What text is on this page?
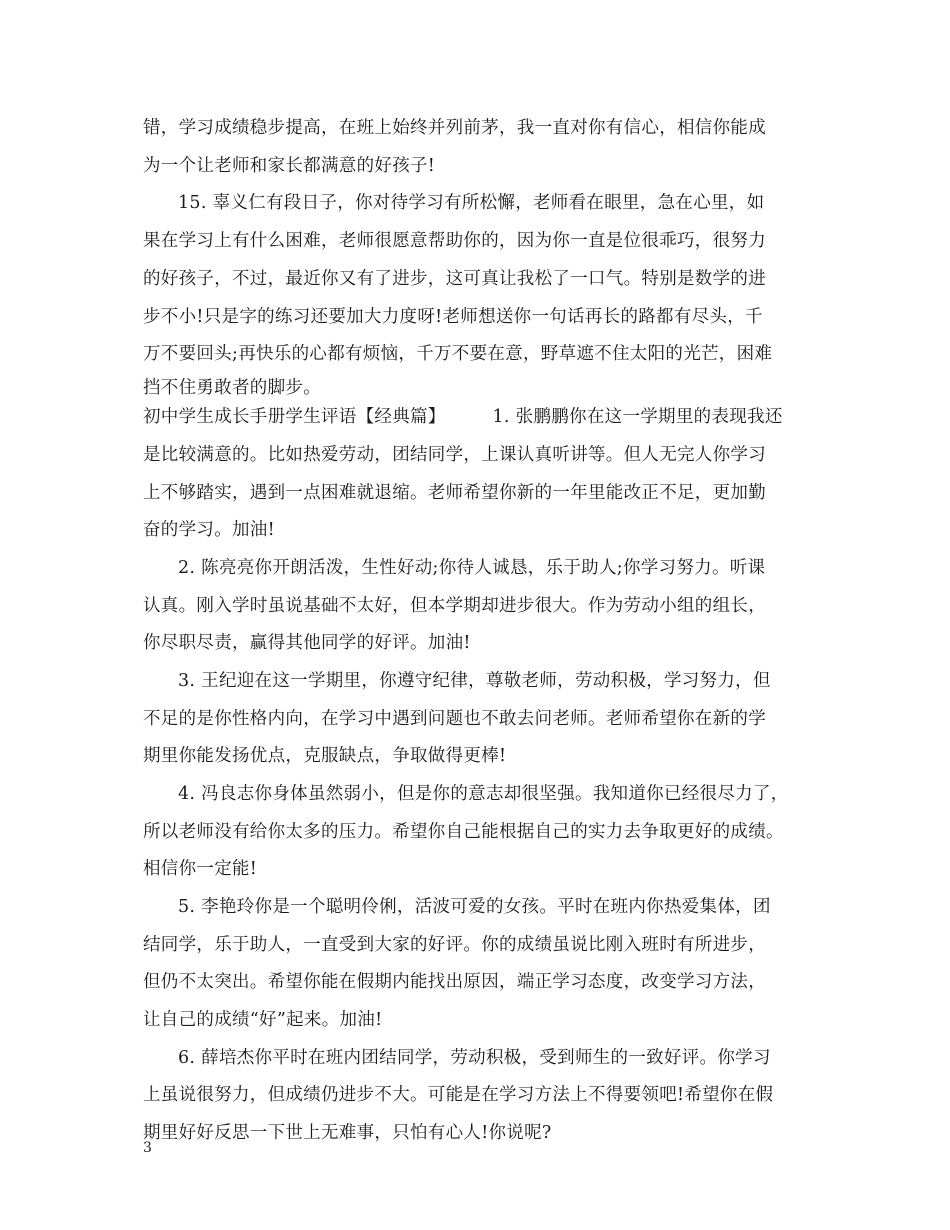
错，学习成绩稳步提高，在班上始终并列前茅，我一直对你有信心，相信你能成
为一个让老师和家长都满意的好孩子!
15. 辜义仁有段日子，你对待学习有所松懈，老师看在眼里，急在心里，如
果在学习上有什么困难，老师很愿意帮助你的，因为你一直是位很乖巧，很努力
的好孩子，不过，最近你又有了进步，这可真让我松了一口气。特别是数学的进
步不小!只是字的练习还要加大力度呀!老师想送你一句话再长的路都有尽头，千
万不要回头;再快乐的心都有烦恼，千万不要在意，野草遮不住太阳的光芒，困难
挡不住勇敢者的脚步。
初中学生成长手册学生评语【经典篇】        1. 张鹏鹏你在这一学期里的表现我还
是比较满意的。比如热爱劳动，团结同学，上课认真听讲等。但人无完人你学习
上不够踏实，遇到一点困难就退缩。老师希望你新的一年里能改正不足，更加勤
奋的学习。加油!
2. 陈亮亮你开朗活泼，生性好动;你待人诚恳，乐于助人;你学习努力。听课
认真。刚入学时虽说基础不太好，但本学期却进步很大。作为劳动小组的组长，
你尽职尽责，赢得其他同学的好评。加油!
3. 王纪迎在这一学期里，你遵守纪律，尊敬老师，劳动积极，学习努力，但
不足的是你性格内向，在学习中遇到问题也不敢去问老师。老师希望你在新的学
期里你能发扬优点，克服缺点，争取做得更棒!
4. 冯良志你身体虽然弱小，但是你的意志却很坚强。我知道你已经很尽力了，
所以老师没有给你太多的压力。希望你自己能根据自己的实力去争取更好的成绩。
相信你一定能!
5. 李艳玲你是一个聪明伶俐，活波可爱的女孩。平时在班内你热爱集体，团
结同学，乐于助人，一直受到大家的好评。你的成绩虽说比刚入班时有所进步，
但仍不太突出。希望你能在假期内能找出原因，端正学习态度，改变学习方法，
让自己的成绩“好”起来。加油!
6. 薛培杰你平时在班内团结同学，劳动积极，受到师生的一致好评。你学习
上虽说很努力，但成绩仍进步不大。可能是在学习方法上不得要领吧!希望你在假
期里好好反思一下世上无难事，只怕有心人!你说呢?
3
